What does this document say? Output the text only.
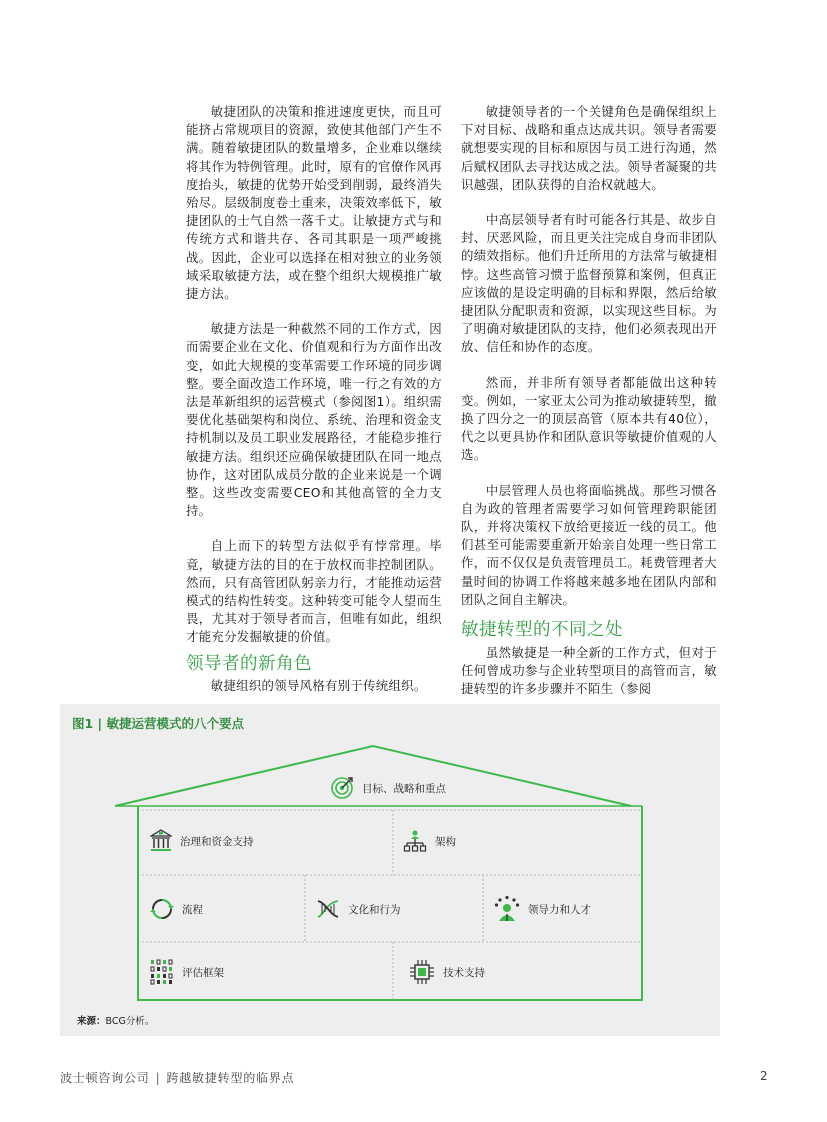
敏捷团队的决策和推进速度更快，而且可能挤占常规项目的资源，致使其他部门产生不满。随着敏捷团队的数量增多，企业难以继续将其作为特例管理。此时，原有的官僚作风再度抬头，敏捷的优势开始受到削弱，最终消失殆尽。层级制度卷土重来，决策效率低下，敏捷团队的士气自然一落千丈。让敏捷方式与和传统方式和谐共存、各司其职是一项严峻挑战。因此，企业可以选择在相对独立的业务领域采取敏捷方法，或在整个组织大规模推广敏捷方法。

敏捷方法是一种截然不同的工作方式，因而需要企业在文化、价值观和行为方面作出改变，如此大规模的变革需要工作环境的同步调整。要全面改造工作环境，唯一行之有效的方法是革新组织的运营模式（参阅图1）。组织需要优化基础架构和岗位、系统、治理和资金支持机制以及员工职业发展路径，才能稳步推行敏捷方法。组织还应确保敏捷团队在同一地点协作，这对团队成员分散的企业来说是一个调整。这些改变需要CEO和其他高管的全力支持。

自上而下的转型方法似乎有悖常理。毕竟，敏捷方法的目的在于放权而非控制团队。然而，只有高管团队躬亲力行，才能推动运营模式的结构性转变。这种转变可能令人望而生畏，尤其对于领导者而言，但唯有如此，组织才能充分发掘敏捷的价值。

领导者的新角色

敏捷组织的领导风格有别于传统组织。

敏捷领导者的一个关键角色是确保组织上下对目标、战略和重点达成共识。领导者需要就想要实现的目标和原因与员工进行沟通，然后赋权团队去寻找达成之法。领导者凝聚的共识越强，团队获得的自治权就越大。

中高层领导者有时可能各行其是、故步自封、厌恶风险，而且更关注完成自身而非团队的绩效指标。他们升迁所用的方法常与敏捷相悖。这些高管习惯于监督预算和案例，但真正应该做的是设定明确的目标和界限，然后给敏捷团队分配职责和资源，以实现这些目标。为了明确对敏捷团队的支持，他们必须表现出开放、信任和协作的态度。

然而，并非所有领导者都能做出这种转变。例如，一家亚太公司为推动敏捷转型，撤换了四分之一的顶层高管（原本共有40位），代之以更具协作和团队意识等敏捷价值观的人选。

中层管理人员也将面临挑战。那些习惯各自为政的管理者需要学习如何管理跨职能团队，并将决策权下放给更接近一线的员工。他们甚至可能需要重新开始亲自处理一些日常工作，而不仅仅是负责管理员工。耗费管理者大量时间的协调工作将越来越多地在团队内部和团队之间自主解决。

敏捷转型的不同之处

虽然敏捷是一种全新的工作方式，但对于任何曾成功参与企业转型项目的高管而言，敏捷转型的许多步骤并不陌生（参阅

图1 | 敏捷运营模式的八个要点

目标、战略和重点
治理和资金支持	架构
流程	文化和行为	领导力和人才
评估框架	技术支持

来源：BCG分析。

波士顿咨询公司 | 跨越敏捷转型的临界点	2
